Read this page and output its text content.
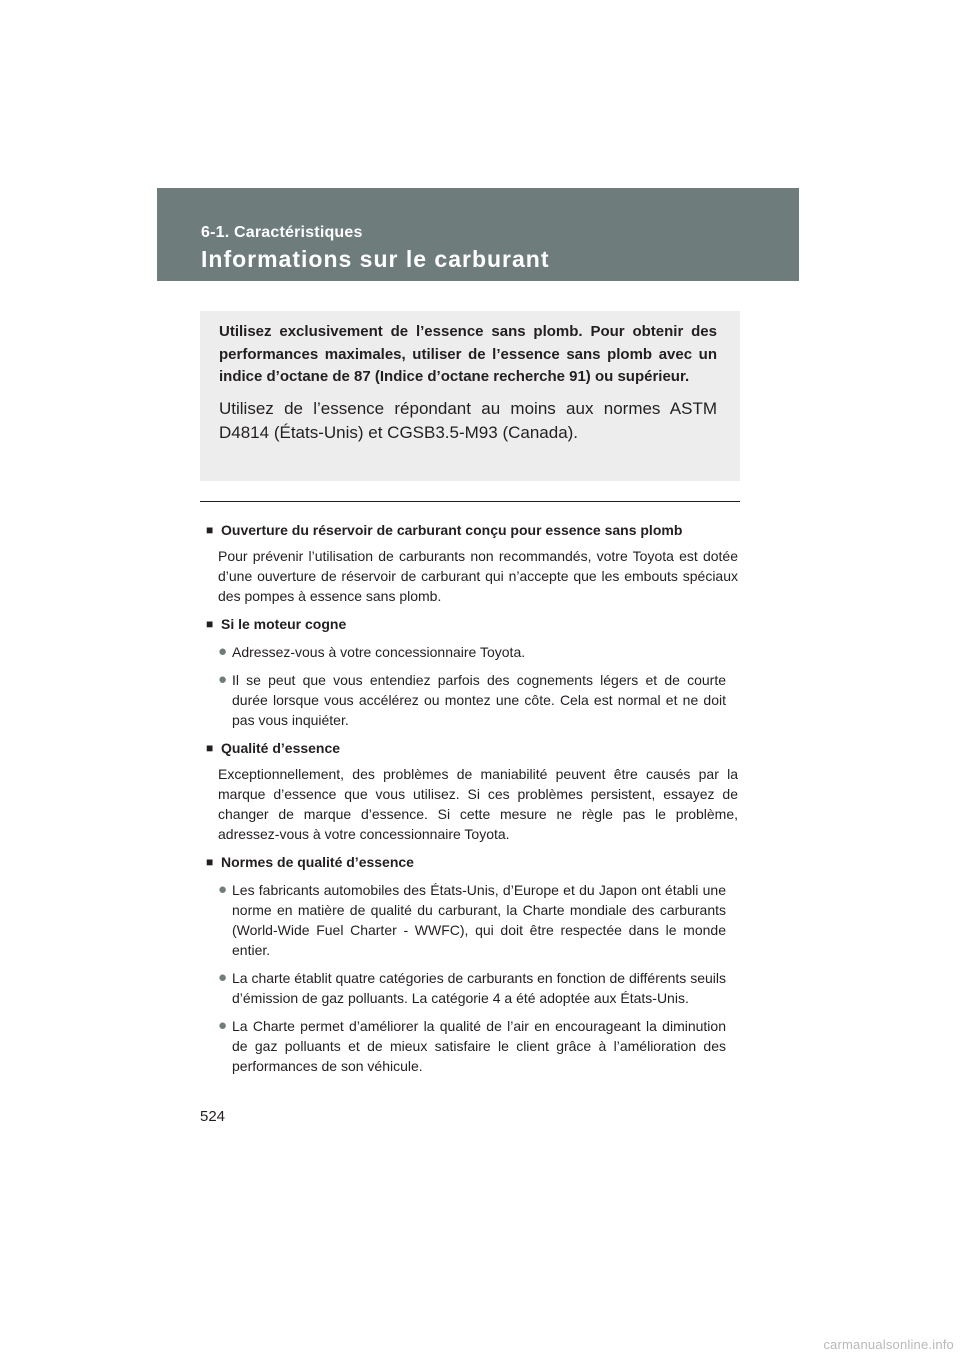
6-1. Caractéristiques
Informations sur le carburant

Utilisez exclusivement de l’essence sans plomb. Pour obtenir des performances maximales, utiliser de l’essence sans plomb avec un indice d’octane de 87 (Indice d’octane recherche 91) ou supérieur.

Utilisez de l’essence répondant au moins aux normes ASTM D4814 (États-Unis) et CGSB3.5-M93 (Canada).

■ Ouverture du réservoir de carburant conçu pour essence sans plomb
Pour prévenir l’utilisation de carburants non recommandés, votre Toyota est dotée d’une ouverture de réservoir de carburant qui n’accepte que les embouts spéciaux des pompes à essence sans plomb.
■ Si le moteur cogne
● Adressez-vous à votre concessionnaire Toyota.
● Il se peut que vous entendiez parfois des cognements légers et de courte durée lorsque vous accélérez ou montez une côte. Cela est normal et ne doit pas vous inquiéter.
■ Qualité d’essence
Exceptionnellement, des problèmes de maniabilité peuvent être causés par la marque d’essence que vous utilisez. Si ces problèmes persistent, essayez de changer de marque d’essence. Si cette mesure ne règle pas le problème, adressez-vous à votre concessionnaire Toyota.
■ Normes de qualité d’essence
● Les fabricants automobiles des États-Unis, d’Europe et du Japon ont établi une norme en matière de qualité du carburant, la Charte mondiale des carburants (World-Wide Fuel Charter - WWFC), qui doit être respectée dans le monde entier.
● La charte établit quatre catégories de carburants en fonction de différents seuils d’émission de gaz polluants. La catégorie 4 a été adoptée aux États-Unis.
● La Charte permet d’améliorer la qualité de l’air en encourageant la diminution de gaz polluants et de mieux satisfaire le client grâce à l’amélioration des performances de son véhicule.
524
carmanualsonline.info
